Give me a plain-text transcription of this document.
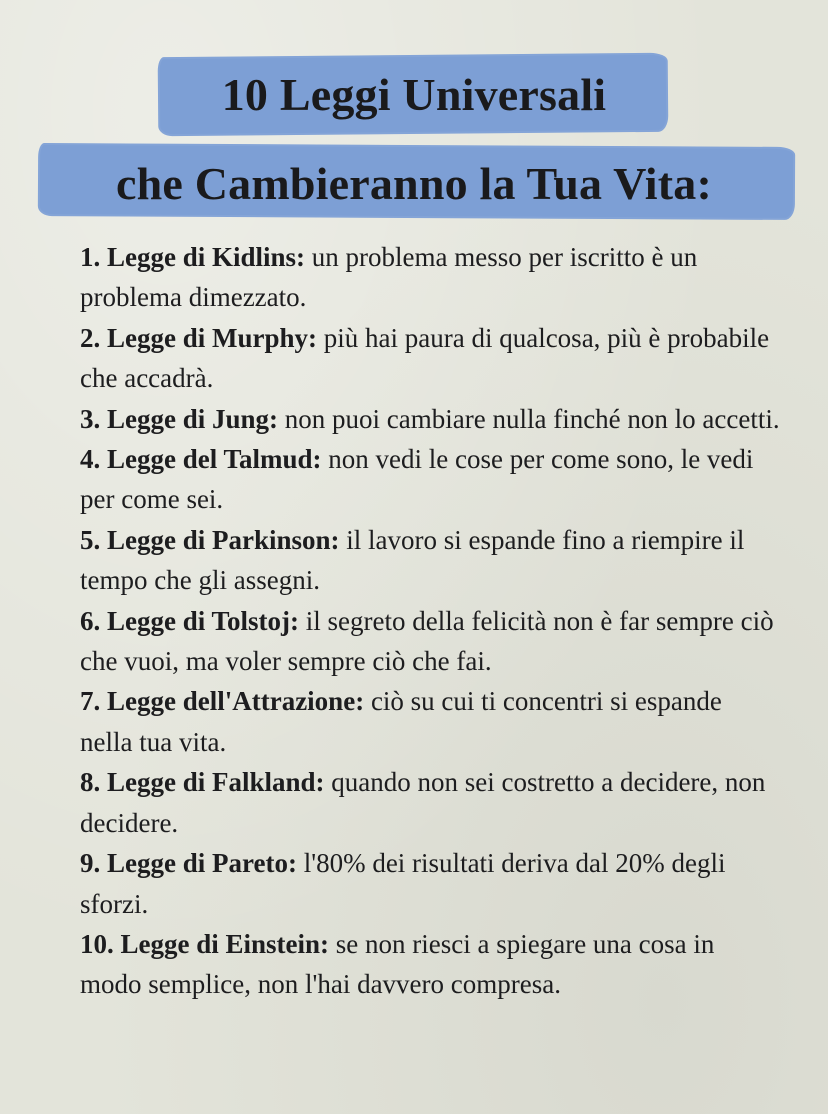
10 Leggi Universali
che Cambieranno la Tua Vita:
1. Legge di Kidlins: un problema messo per iscritto è un problema dimezzato.
2. Legge di Murphy: più hai paura di qualcosa, più è probabile che accadrà.
3. Legge di Jung: non puoi cambiare nulla finché non lo accetti.
4. Legge del Talmud: non vedi le cose per come sono, le vedi per come sei.
5. Legge di Parkinson: il lavoro si espande fino a riempire il tempo che gli assegni.
6. Legge di Tolstoj: il segreto della felicità non è far sempre ciò che vuoi, ma voler sempre ciò che fai.
7. Legge dell'Attrazione: ciò su cui ti concentri si espande nella tua vita.
8. Legge di Falkland: quando non sei costretto a decidere, non decidere.
9. Legge di Pareto: l'80% dei risultati deriva dal 20% degli sforzi.
10. Legge di Einstein: se non riesci a spiegare una cosa in modo semplice, non l'hai davvero compresa.
